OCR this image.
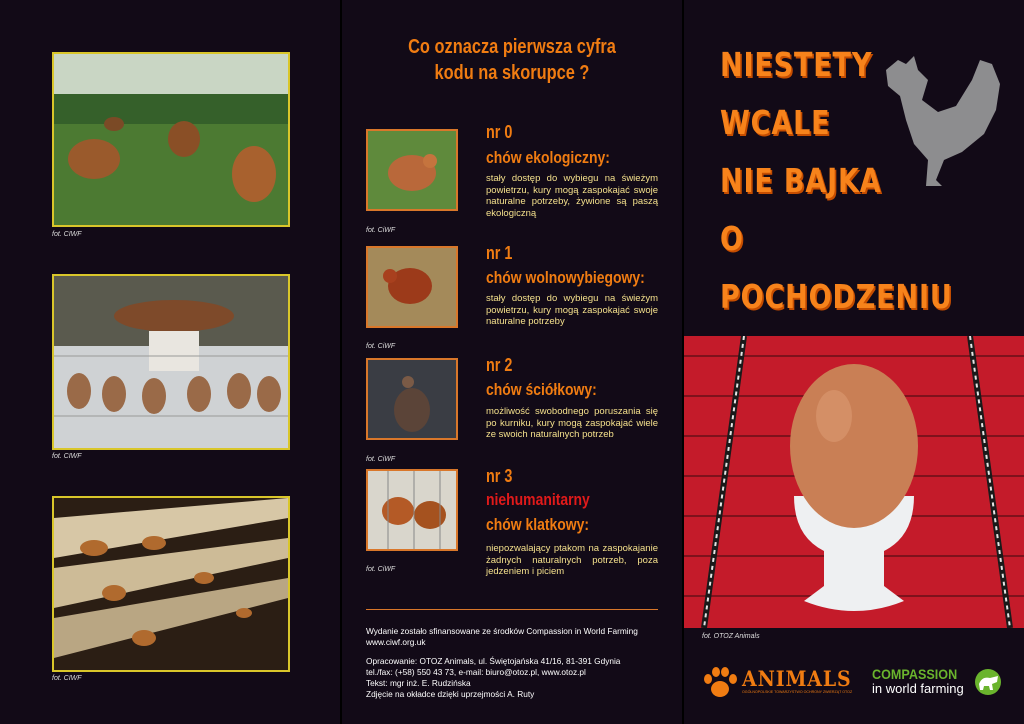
fot. CIWF
fot. CIWF
fot. CIWF
Co oznacza pierwsza cyfra
kodu na skorupce ?
fot. CiWF
nr 0
chów ekologiczny:
stały dostęp do wybiegu na świeżym powietrzu, kury mogą zaspokajać swoje naturalne potrzeby, żywione są paszą ekologiczną
fot. CiWF
nr 1
chów wolnowybiegowy:
stały dostęp do wybiegu na świeżym powietrzu, kury mogą zaspokajać swoje naturalne potrzeby
fot. CiWF
nr 2
chów ściółkowy:
możliwość swobodnego poruszania się po kurniku, kury mogą zaspokajać wiele ze swoich naturalnych potrzeb
fot. CiWF
nr 3
niehumanitarny
chów klatkowy:
niepozwalający ptakom na zaspokajanie żadnych naturalnych potrzeb, poza jedzeniem i piciem
Wydanie zostało sfinansowane ze środków Compassion in World Farming
www.ciwf.org.uk
Opracowanie: OTOZ Animals, ul. Świętojańska 41/16, 81-391 Gdynia
tel./fax: (+58) 550 43 73, e-mail: biuro@otoz.pl, www.otoz.pl
Tekst: mgr inż. E. Rudzińska
Zdjęcie na okładce dzięki uprzejmości A. Ruty
NIESTETY
WCALE
NIE BAJKA
O POCHODZENIU
fot. OTOZ Animals
ANIMALS
OGÓLNOPOLSKIE TOWARZYSTWO OCHRONY ZWIERZĄT OTOZ
COMPASSION
in world farming
